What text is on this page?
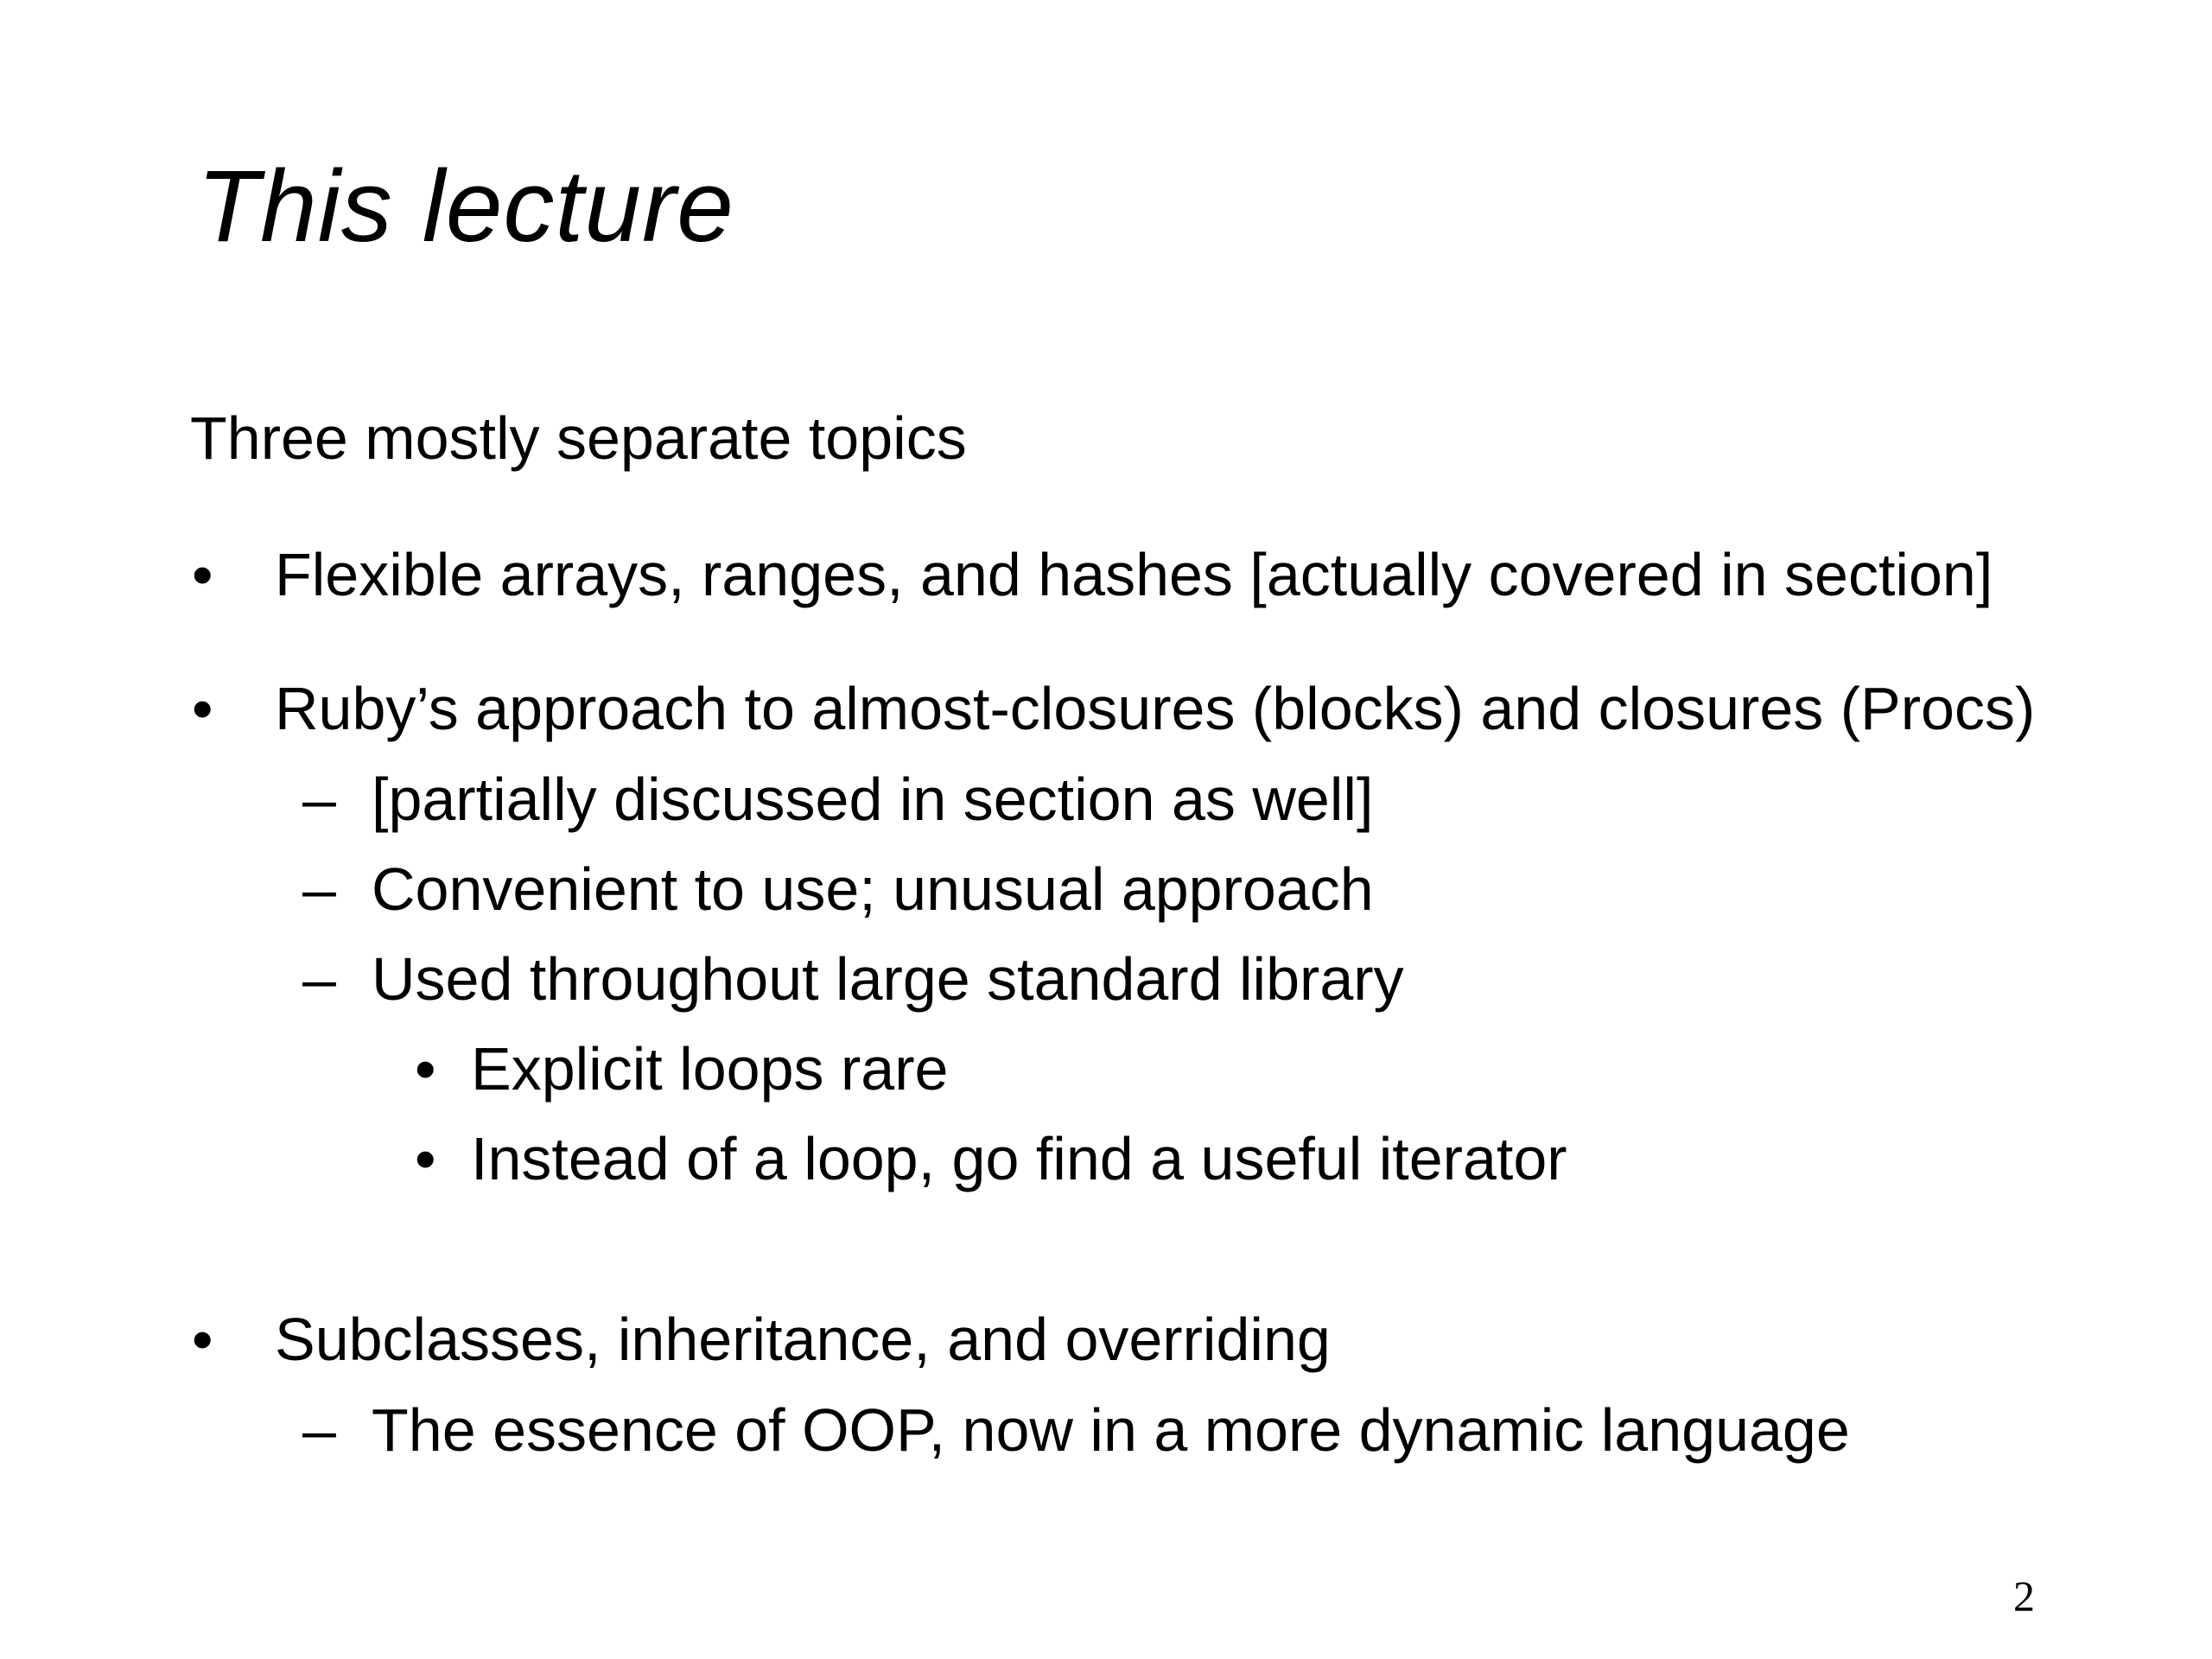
This lecture
Three mostly separate topics
• Flexible arrays, ranges, and hashes [actually covered in section]
• Ruby’s approach to almost-closures (blocks) and closures (Procs)
– [partially discussed in section as well]
– Convenient to use; unusual approach
– Used throughout large standard library
• Explicit loops rare
• Instead of a loop, go find a useful iterator
• Subclasses, inheritance, and overriding
– The essence of OOP, now in a more dynamic language
2
